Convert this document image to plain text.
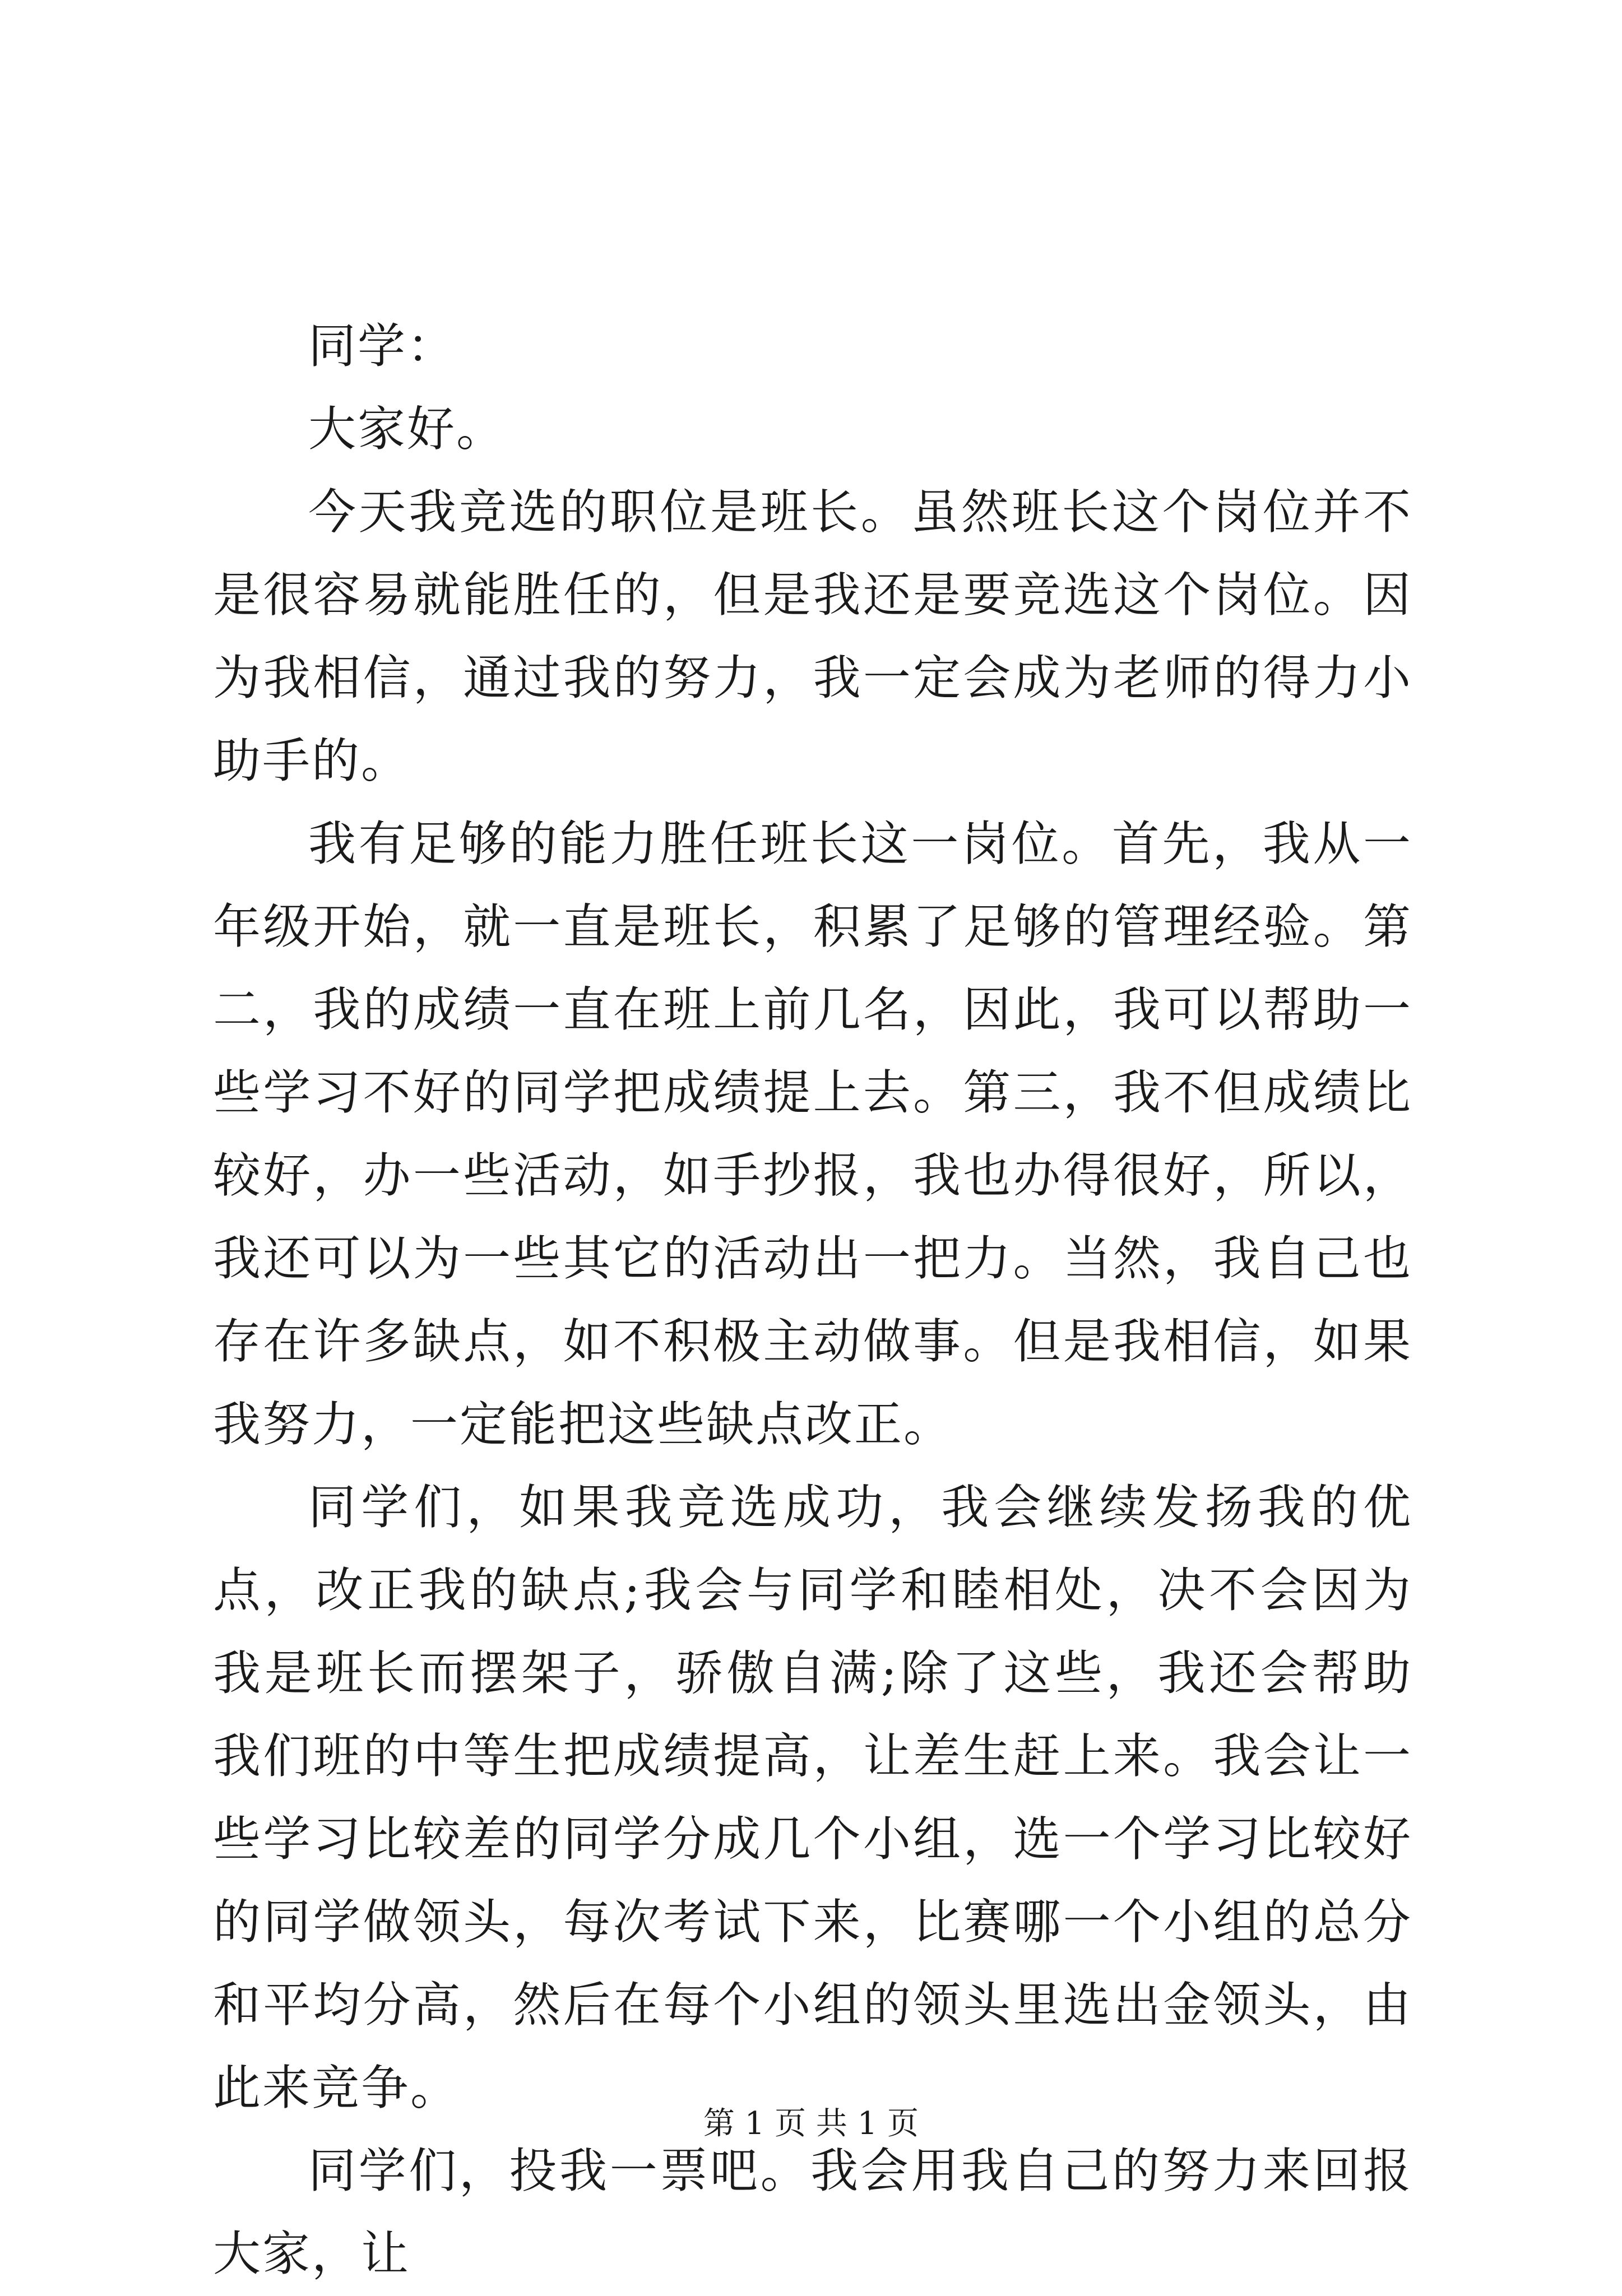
同学：

大家好。

今天我竞选的职位是班长。虽然班长这个岗位并不是很容易就能胜任的，但是我还是要竞选这个岗位。因为我相信，通过我的努力，我一定会成为老师的得力小助手的。

我有足够的能力胜任班长这一岗位。首先，我从一年级开始，就一直是班长，积累了足够的管理经验。第二，我的成绩一直在班上前几名，因此，我可以帮助一些学习不好的同学把成绩提上去。第三，我不但成绩比较好，办一些活动，如手抄报，我也办得很好，所以，我还可以为一些其它的活动出一把力。当然，我自己也存在许多缺点，如不积极主动做事。但是我相信，如果我努力，一定能把这些缺点改正。

同学们，如果我竞选成功，我会继续发扬我的优点，改正我的缺点;我会与同学和睦相处，决不会因为我是班长而摆架子，骄傲自满;除了这些，我还会帮助我们班的中等生把成绩提高，让差生赶上来。我会让一些学习比较差的同学分成几个小组，选一个学习比较好的同学做领头，每次考试下来，比赛哪一个小组的总分和平均分高，然后在每个小组的领头里选出金领头，由此来竞争。

同学们，投我一票吧。我会用我自己的努力来回报大家，让

第 1 页 共 1 页
